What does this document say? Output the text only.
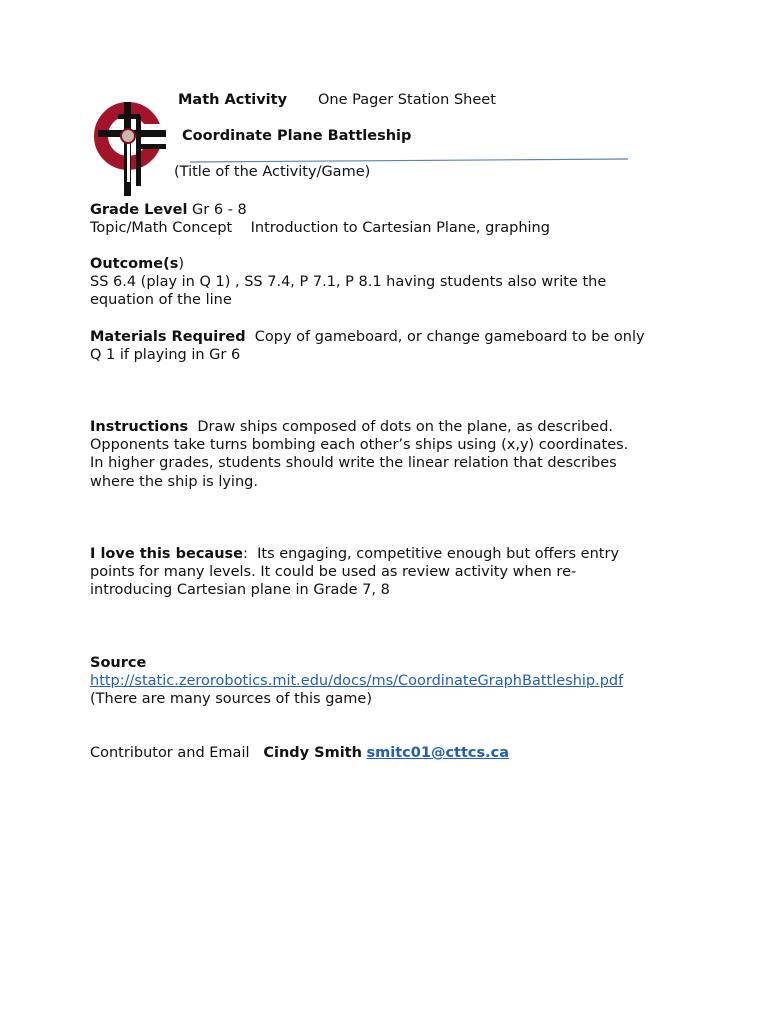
Math Activity One Pager Station Sheet
Coordinate Plane Battleship
(Title of the Activity/Game)
Grade Level Gr 6 - 8
Topic/Math Concept Introduction to Cartesian Plane, graphing
Outcome(s)
SS 6.4 (play in Q 1) , SS 7.4, P 7.1, P 8.1 having students also write the
equation of the line
Materials Required Copy of gameboard, or change gameboard to be only
Q 1 if playing in Gr 6
Instructions Draw ships composed of dots on the plane, as described.
Opponents take turns bombing each other’s ships using (x,y) coordinates.
In higher grades, students should write the linear relation that describes
where the ship is lying.
I love this because: Its engaging, competitive enough but offers entry
points for many levels. It could be used as review activity when re-
introducing Cartesian plane in Grade 7, 8
Source
http://static.zerorobotics.mit.edu/docs/ms/CoordinateGraphBattleship.pdf
(There are many sources of this game)
Contributor and Email Cindy Smith smitc01@cttcs.ca
